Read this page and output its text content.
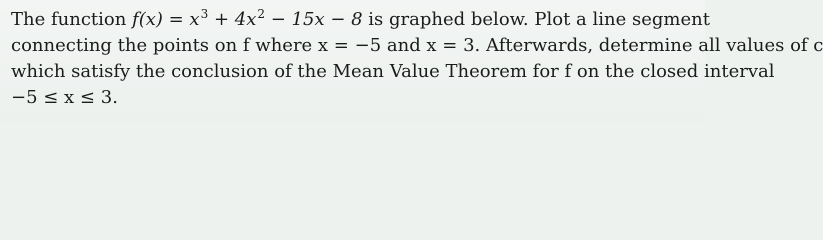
The function $f(x) = x^3 + 4x^2 - 15x - 8$ is graphed below. Plot a line segment
connecting the points on f where x = −5 and x = 3. Afterwards, determine all values of c
which satisfy the conclusion of the Mean Value Theorem for f on the closed interval
−5 ≤ x ≤ 3.
